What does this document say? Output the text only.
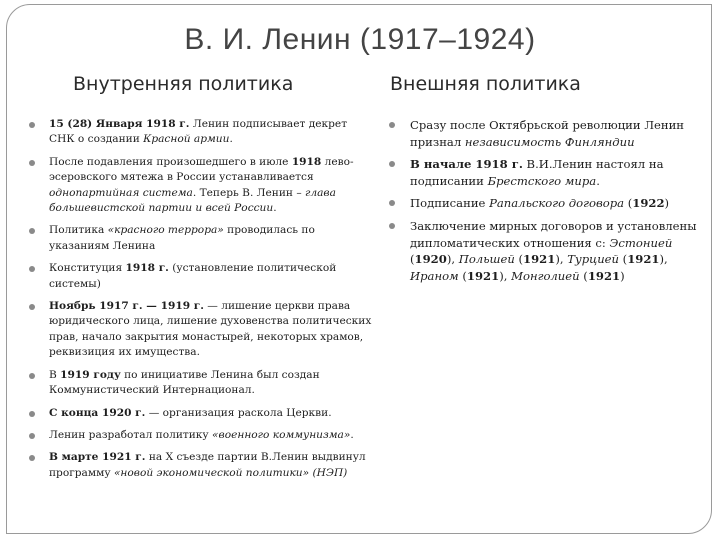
В. И. Ленин (1917–1924)
Внутренняя политика	Внешняя политика
15 (28) Января 1918 г. Ленин подписывает декрет СНК о создании Красной армии.
После подавления произошедшего в июле 1918 лево-эсеровского мятежа в России устанавливается однопартийная система. Теперь В. Ленин – глава большевистской партии и всей России.
Политика «красного террора» проводилась по указаниям Ленина
Конституция 1918 г. (установление политической системы)
Ноябрь 1917 г. — 1919 г. — лишение церкви права юридического лица, лишение духовенства политических прав, начало закрытия монастырей, некоторых храмов, реквизиция их имущества.
В 1919 году по инициативе Ленина был создан Коммунистический Интернационал.
С конца 1920 г. — организация раскола Церкви.
Ленин разработал политику «военного коммунизма».
В марте 1921 г. на X съезде партии В.Ленин выдвинул программу «новой экономической политики» (НЭП)
Сразу после Октябрьской революции Ленин признал независимость Финляндии
В начале 1918 г. В.И.Ленин настоял на подписании Брестского мира.
Подписание Рапальского договора (1922)
Заключение мирных договоров и установлены дипломатических отношения с: Эстонией (1920), Польшей (1921), Турцией (1921), Ираном (1921), Монголией (1921)
